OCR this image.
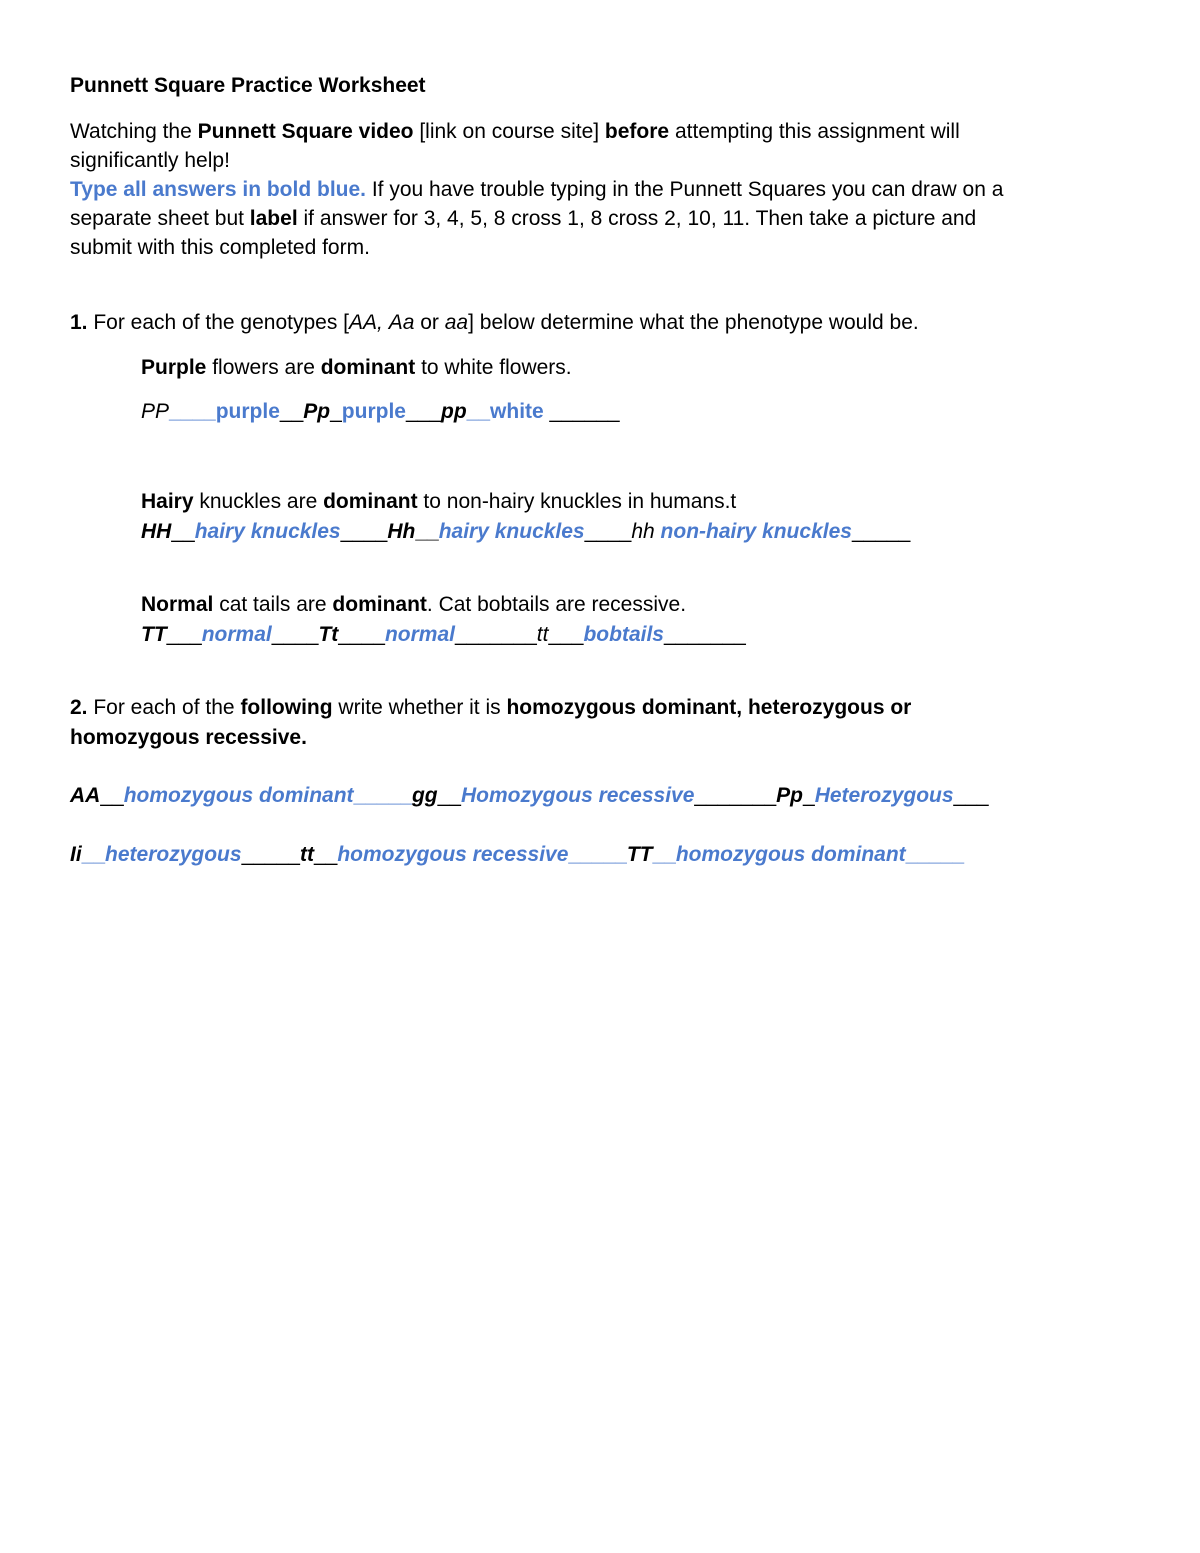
Punnett Square Practice Worksheet
Watching the Punnett Square video [link on course site] before attempting this assignment will
significantly help!
Type all answers in bold blue. If you have trouble typing in the Punnett Squares you can draw on a
separate sheet but label if answer for 3, 4, 5, 8 cross 1, 8 cross 2, 10, 11. Then take a picture and
submit with this completed form.
1. For each of the genotypes [AA, Aa or aa] below determine what the phenotype would be.
Purple flowers are dominant to white flowers.
PP____purple__Pp_purple___pp__white ______
Hairy knuckles are dominant to non-hairy knuckles in humans.t
HH__hairy knuckles____Hh__hairy knuckles____hh non-hairy knuckles_____
Normal cat tails are dominant. Cat bobtails are recessive.
TT___normal____Tt____normal_______tt___bobtails_______
2. For each of the following write whether it is homozygous dominant, heterozygous or
homozygous recessive.
AA__homozygous dominant_____gg__Homozygous recessive_______Pp_Heterozygous___
Ii__heterozygous_____tt__homozygous recessive_____TT__homozygous dominant_____
